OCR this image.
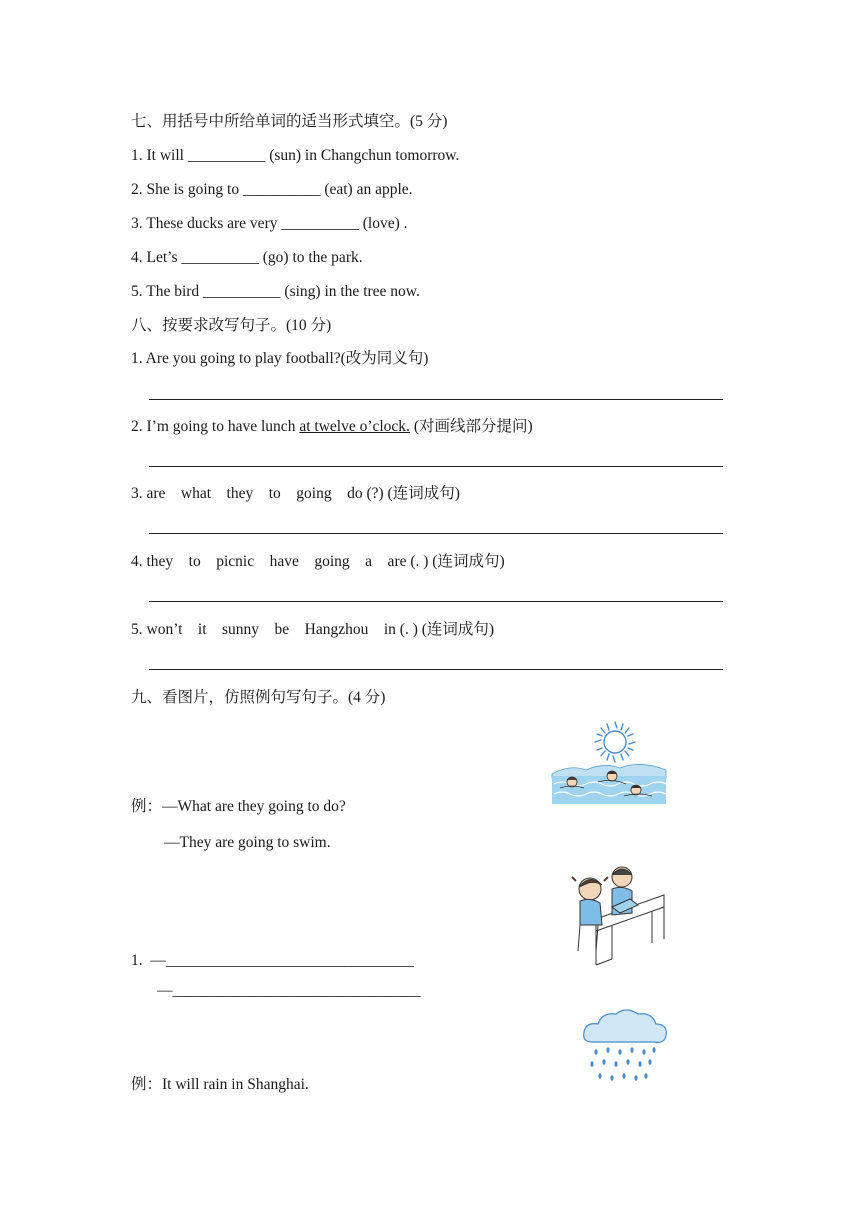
七、用括号中所给单词的适当形式填空。(5 分)
1. It will __________ (sun) in Changchun tomorrow.
2. She is going to __________ (eat) an apple.
3. These ducks are very __________ (love) .
4. Let’s __________ (go) to the park.
5. The bird __________ (sing) in the tree now.
八、按要求改写句子。(10 分)
1. Are you going to play football?(改为同义句)
2. I’m going to have lunch at twelve o’clock. (对画线部分提问)
3. are    what    they    to    going    do (?) (连词成句)
4. they    to    picnic    have    going    a    are (. ) (连词成句)
5. won’t    it    sunny    be    Hangzhou    in (. ) (连词成句)
九、看图片，仿照例句写句子。(4 分)
例：—What are they going to do?
—They are going to swim.
1.  —________________________________
—________________________________
例：It will rain in Shanghai.
